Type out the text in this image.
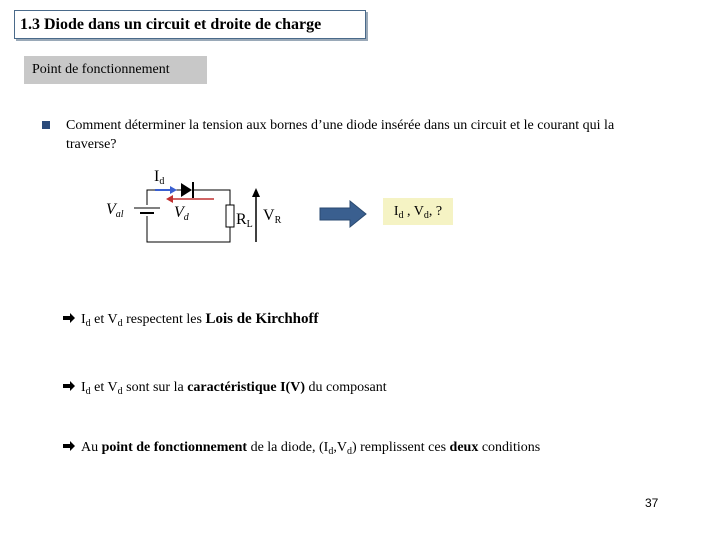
1.3 Diode dans un circuit et droite de charge
Point de fonctionnement
Comment déterminer la tension aux bornes d’une diode insérée dans un circuit et le courant qui la traverse?
$I_d$
$V_{al}$	$V_d$	$R_L$
$V_R$
$I_d$ , $V_d$, ?
$I_d$ et $V_d$ respectent les Lois de Kirchhoff
$I_d$ et $V_d$ sont sur la caractéristique I(V) du composant
Au point de fonctionnement de la diode, $(I_d,V_d)$ remplissent ces deux conditions
37
